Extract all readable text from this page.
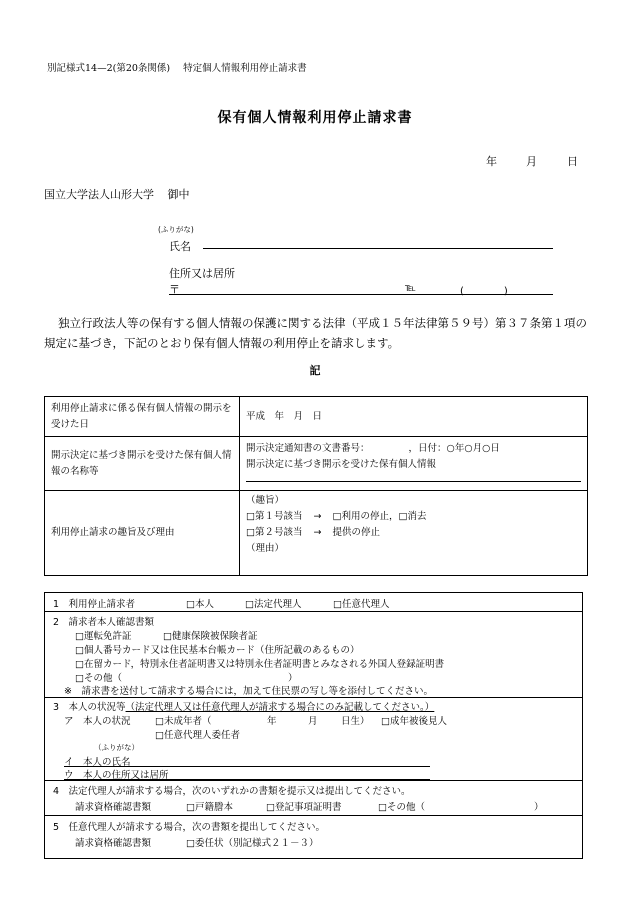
別記様式14—2(第20条関係) 特定個人情報利用停止請求書
保有個人情報利用停止請求書
年	月	日
国立大学法人山形大学 御中
(ふりがな)
氏名
住所又は居所
〒	℡	(　　　　)
独立行政法人等の保有する個人情報の保護に関する法律（平成１５年法律第５９号）第３７条第１項の規定に基づき，下記のとおり保有個人情報の利用停止を請求します。
記
利用停止請求に係る保有個人情報の開示を受けた日	平成　年　月　日
開示決定に基づき開示を受けた保有個人情報の名称等	開示決定通知書の文書番号： ，日付：○年○月○日
開示決定に基づき開示を受けた保有個人情報

利用停止請求の趣旨及び理由	（趣旨）
□第１号該当 → □利用の停止，□消去
□第２号該当 → 提供の停止
（理由）
1　利用停止請求者	□本人	□法定代理人	□任意代理人
2　請求者本人確認書類
□運転免許証	□健康保険被保険者証
□個人番号カード又は住民基本台帳カード（住所記載のあるもの）
□在留カード，特別永住者証明書又は特別永住者証明書とみなされる外国人登録証明書
□その他（	）
※　請求書を送付して請求する場合には，加えて住民票の写し等を添付してください。
3　本人の状況等（法定代理人又は任意代理人が請求する場合にのみ記載してください。）
ア　本人の状況	□未成年者（	年	月 日生） □成年被後見人
□任意代理人委任者
（ふりがな）
イ　本人の氏名
ウ　本人の住所又は居所
4　法定代理人が請求する場合，次のいずれかの書類を提示又は提出してください。
請求資格確認書類	□戸籍謄本	□登記事項証明書	□その他（	）
5　任意代理人が請求する場合，次の書類を提出してください。
請求資格確認書類	□委任状（別記様式２１－３）
